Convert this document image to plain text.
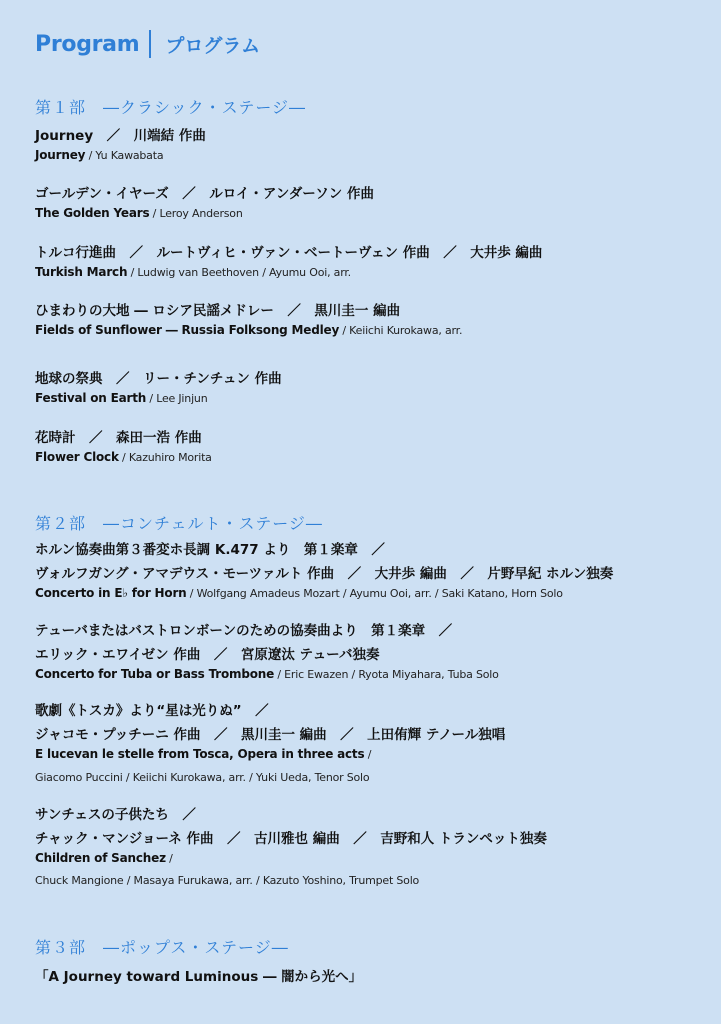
Program プログラム
第１部　―クラシック・ステージ―
Journey　／　川端結 作曲
Journey / Yu Kawabata
ゴールデン・イヤーズ　／　ルロイ・アンダーソン 作曲
The Golden Years / Leroy Anderson
トルコ行進曲　／　ルートヴィヒ・ヴァン・ベートーヴェン 作曲　／　大井歩 編曲
Turkish March / Ludwig van Beethoven / Ayumu Ooi, arr.
ひまわりの大地 ― ロシア民謡メドレー　／　黒川圭一 編曲
Fields of Sunflower ― Russia Folksong Medley / Keiichi Kurokawa, arr.
地球の祭典　／　リー・チンチュン 作曲
Festival on Earth / Lee Jinjun
花時計　／　森田一浩 作曲
Flower Clock / Kazuhiro Morita
第２部　―コンチェルト・ステージ―
ホルン協奏曲第３番変ホ長調 K.477 より　第１楽章　／
ヴォルフガング・アマデウス・モーツァルト 作曲　／　大井歩 編曲　／　片野早紀 ホルン独奏
Concerto in E♭ for Horn / Wolfgang Amadeus Mozart / Ayumu Ooi, arr. / Saki Katano, Horn Solo
テューバまたはバストロンボーンのための協奏曲より　第１楽章　／
エリック・エワイゼン 作曲　／　宮原遼汰 テューバ独奏
Concerto for Tuba or Bass Trombone / Eric Ewazen / Ryota Miyahara, Tuba Solo
歌劇《トスカ》より“星は光りぬ”　／
ジャコモ・プッチーニ 作曲　／　黒川圭一 編曲　／　上田侑輝 テノール独唱
E lucevan le stelle from Tosca, Opera in three acts /
Giacomo Puccini / Keiichi Kurokawa, arr. / Yuki Ueda, Tenor Solo
サンチェスの子供たち　／
チャック・マンジョーネ 作曲　／　古川雅也 編曲　／　吉野和人 トランペット独奏
Children of Sanchez /
Chuck Mangione / Masaya Furukawa, arr. / Kazuto Yoshino, Trumpet Solo
第３部　―ポップス・ステージ―
「A Journey toward Luminous ― 闇から光へ」
